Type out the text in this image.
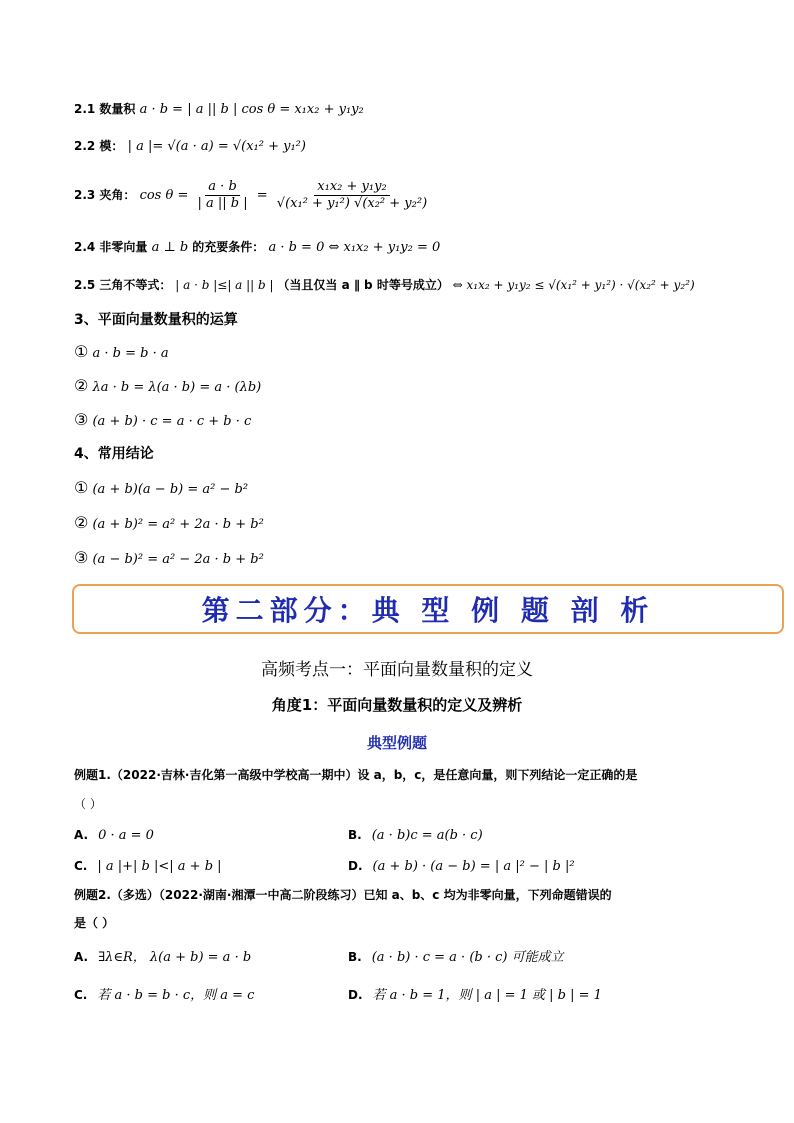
2.1 数量积 a · b = | a || b | cos θ = x₁x₂ + y₁y₂
2.2 模： | a |= √(a · a) = √(x₁² + y₁²)
2.3 夹角： $\cos \theta = \frac{a \cdot b}{| a || b |} = \frac{\text{x₁x₂ + y₁y₂}}{\text{√(x₁² + y₁²) √(x₂² + y₂²)}}$
2.4 非零向量 a ⊥ b 的充要条件： a · b = 0 ⇔ x₁x₂ + y₁y₂ = 0
2.5 三角不等式： | a · b |≤| a || b | （当且仅当 a ∥ b 时等号成立） ⇔ x₁x₂ + y₁y₂ ≤ √(x₁² + y₁²) · √(x₂² + y₂²)
3、平面向量数量积的运算
① a · b = b · a
② λa · b = λ(a · b) = a · (λb)
③ (a + b) · c = a · c + b · c
4、常用结论
① (a + b)(a − b) = a² − b²
② (a + b)² = a² + 2a · b + b²
③ (a − b)² = a² − 2a · b + b²
第二部分：典 型 例 题 剖 析
高频考点一：平面向量数量积的定义
角度1：平面向量数量积的定义及辨析
典型例题
例题1.（2022·吉林·吉化第一高级中学校高一期中）设 a，b，c，是任意向量，则下列结论一定正确的是
（ ）
A. 0 · a = 0	B. (a · b)c = a(b · c)
C. | a |+| b |<| a + b |	D. (a + b) · (a − b) = | a |² − | b |²
例题2.（多选）（2022·湖南·湘潭一中高二阶段练习）已知 a、b、c 均为非零向量，下列命题错误的
是（ ）
A. ∃λ∈R， λ(a + b) = a · b	B. (a · b) · c = a · (b · c) 可能成立
C. 若 a · b = b · c，则 a = c	D. 若 a · b = 1，则 | a | = 1 或 | b | = 1
